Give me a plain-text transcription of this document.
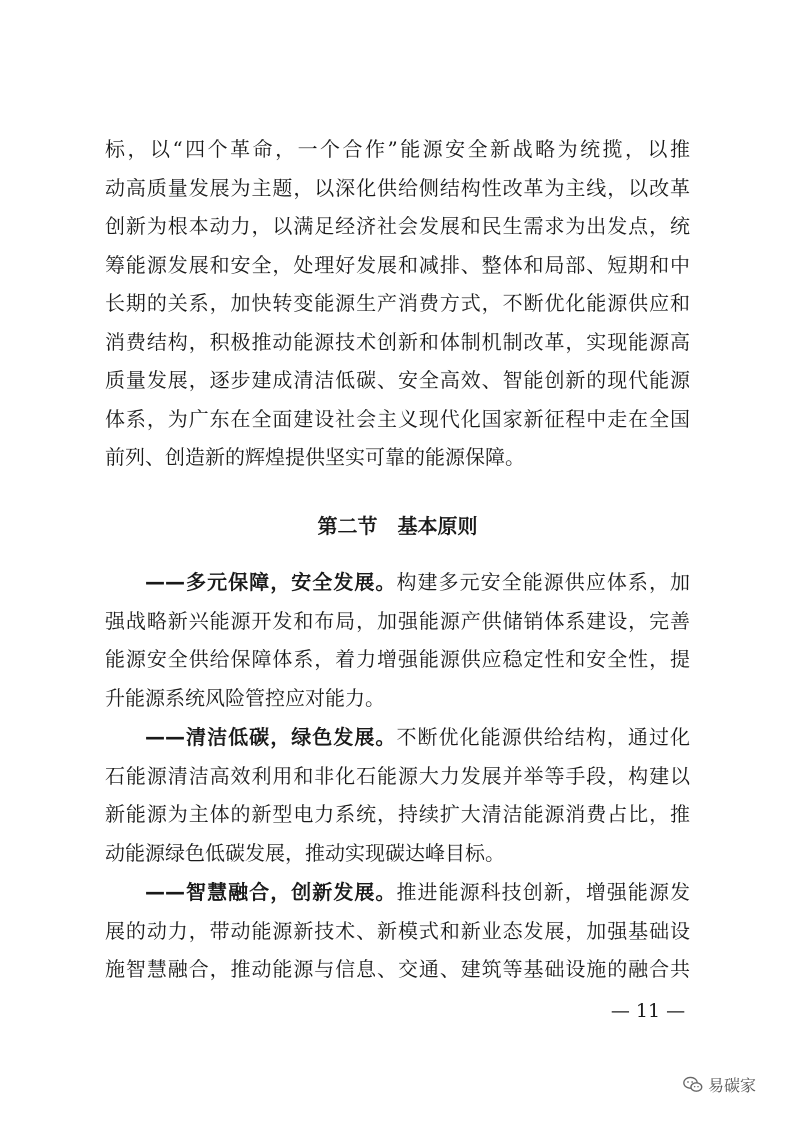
标，以“四个革命，一个合作”能源安全新战略为统揽，以推
动高质量发展为主题，以深化供给侧结构性改革为主线，以改革
创新为根本动力，以满足经济社会发展和民生需求为出发点，统
筹能源发展和安全，处理好发展和减排、整体和局部、短期和中
长期的关系，加快转变能源生产消费方式，不断优化能源供应和
消费结构，积极推动能源技术创新和体制机制改革，实现能源高
质量发展，逐步建成清洁低碳、安全高效、智能创新的现代能源
体系，为广东在全面建设社会主义现代化国家新征程中走在全国
前列、创造新的辉煌提供坚实可靠的能源保障。
第二节　基本原则
——多元保障，安全发展。构建多元安全能源供应体系，加
强战略新兴能源开发和布局，加强能源产供储销体系建设，完善
能源安全供给保障体系，着力增强能源供应稳定性和安全性，提
升能源系统风险管控应对能力。
——清洁低碳，绿色发展。不断优化能源供给结构，通过化
石能源清洁高效利用和非化石能源大力发展并举等手段，构建以
新能源为主体的新型电力系统，持续扩大清洁能源消费占比，推
动能源绿色低碳发展，推动实现碳达峰目标。
——智慧融合，创新发展。推进能源科技创新，增强能源发
展的动力，带动能源新技术、新模式和新业态发展，加强基础设
施智慧融合，推动能源与信息、交通、建筑等基础设施的融合共
— 11 —
易碳家
